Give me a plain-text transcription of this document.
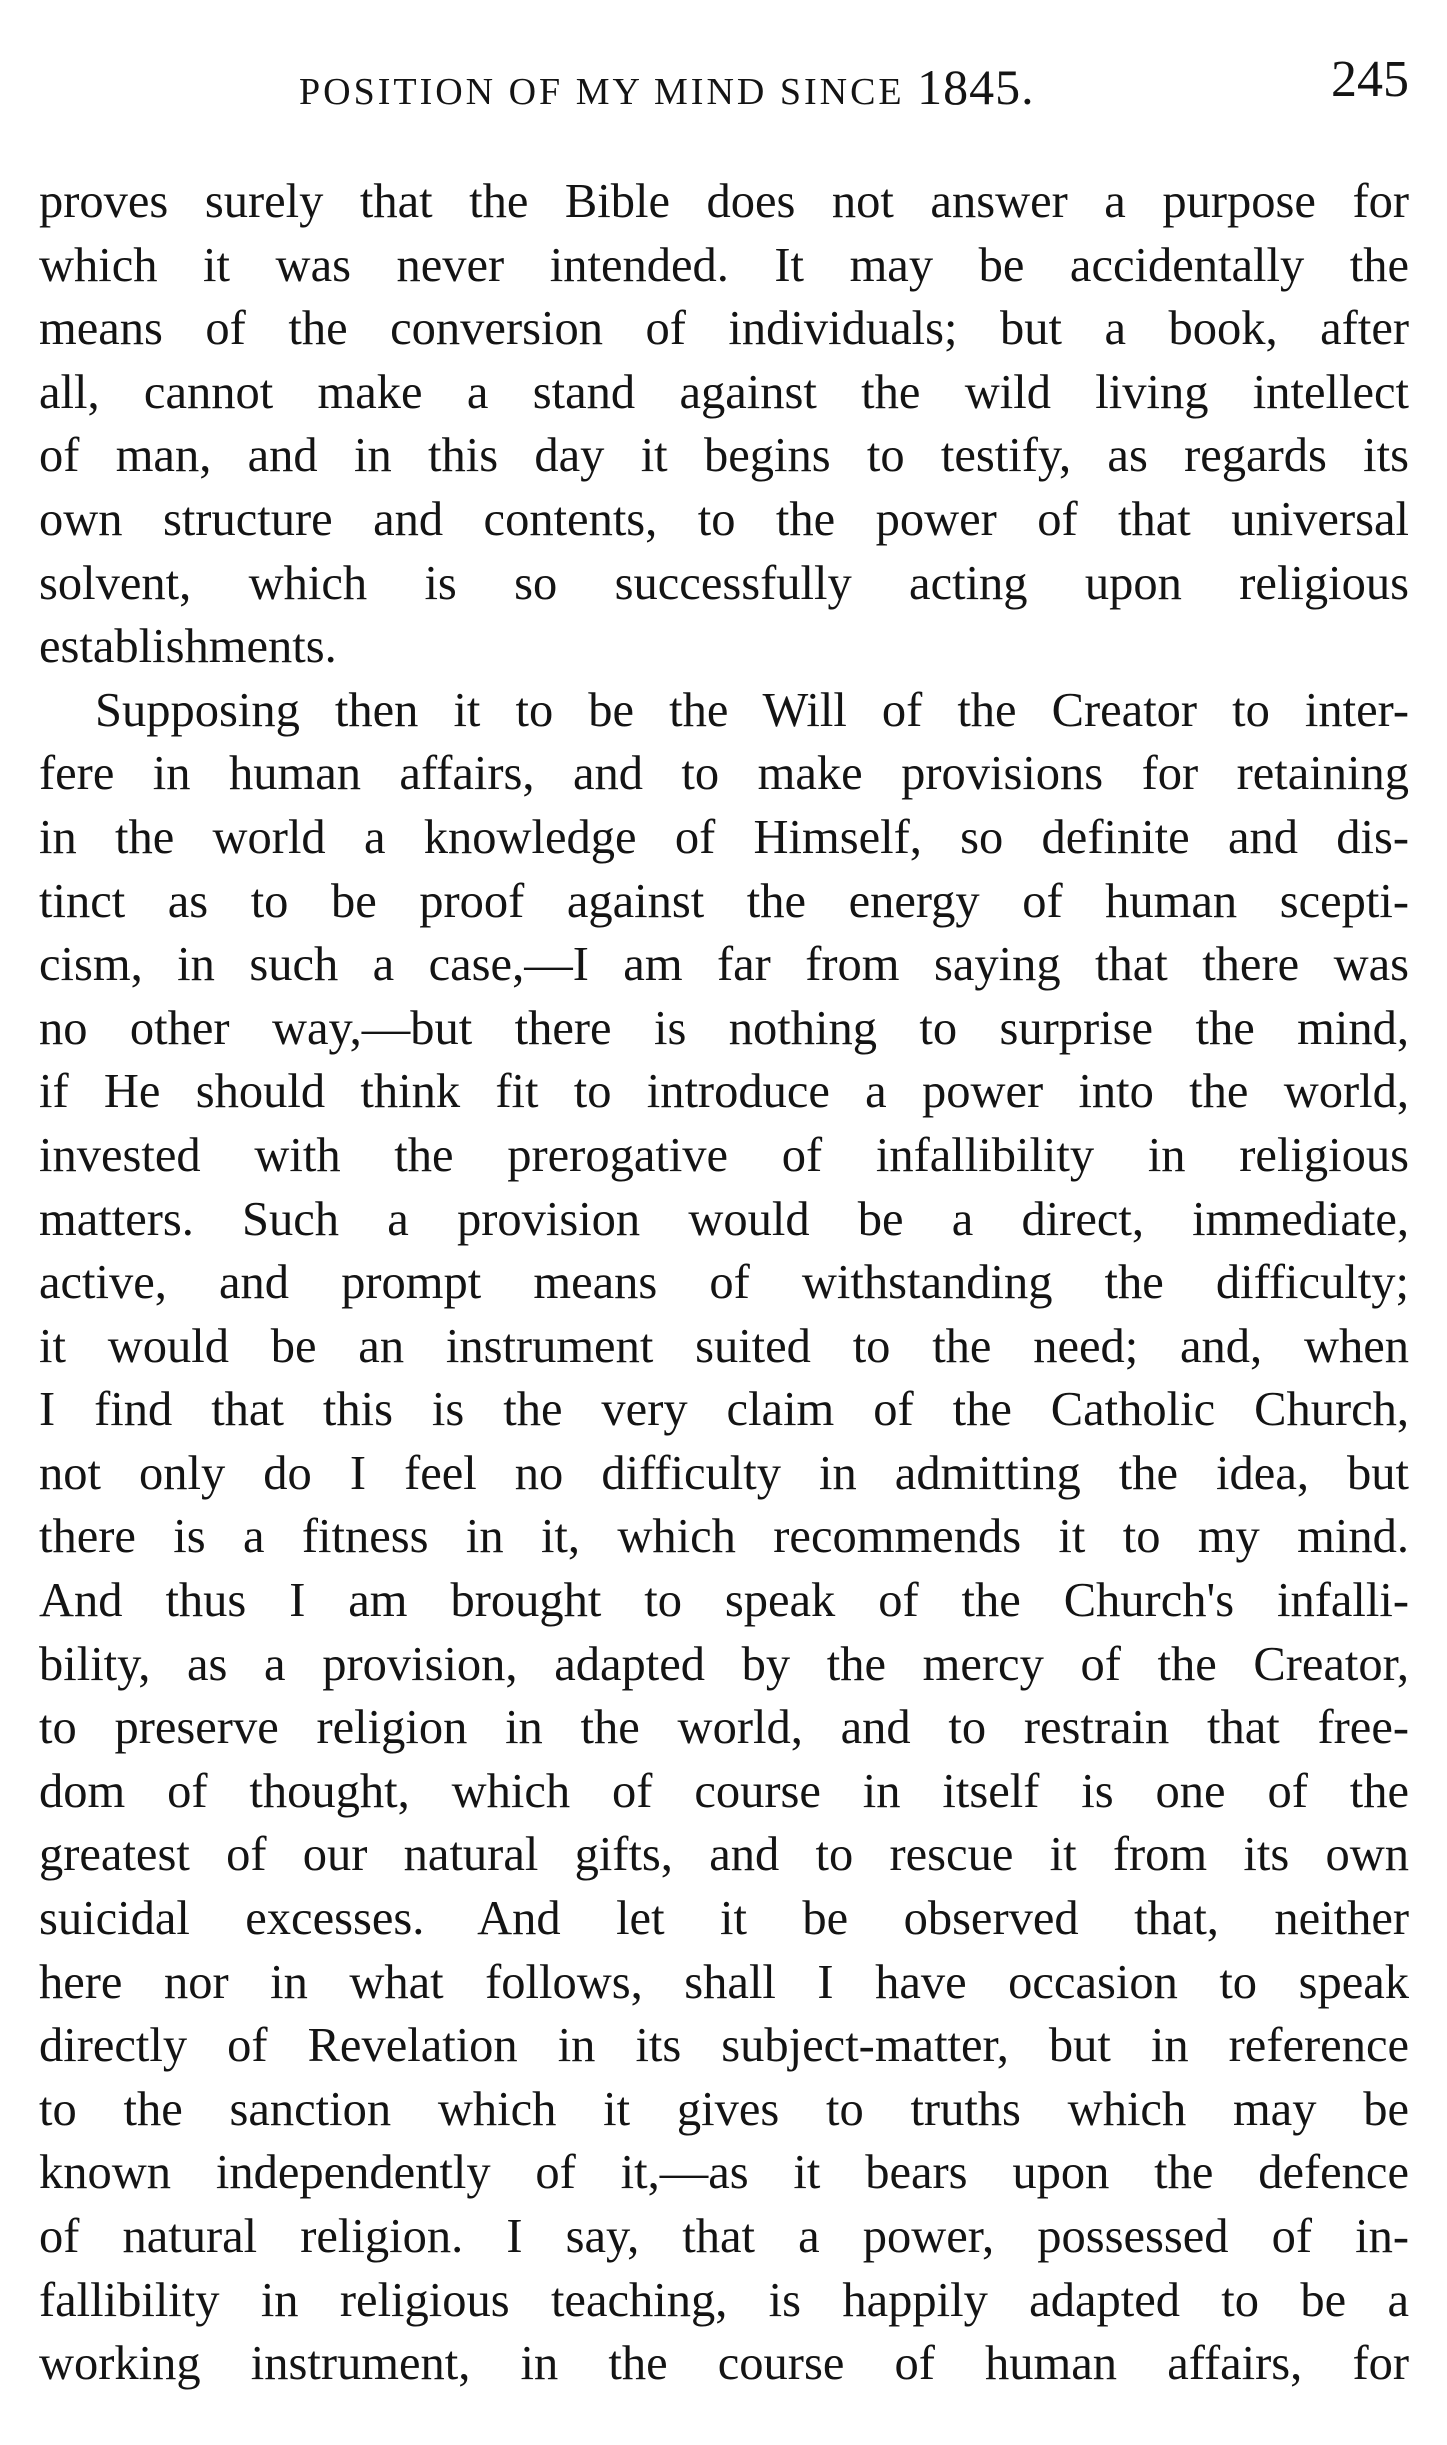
POSITION OF MY MIND SINCE 1845.	245
proves surely that the Bible does not answer a purpose for
which it was never intended. It may be accidentally the
means of the conversion of individuals; but a book, after
all, cannot make a stand against the wild living intellect
of man, and in this day it begins to testify, as regards its
own structure and contents, to the power of that universal
solvent, which is so successfully acting upon religious
establishments.
Supposing then it to be the Will of the Creator to inter-
fere in human affairs, and to make provisions for retaining
in the world a knowledge of Himself, so definite and dis-
tinct as to be proof against the energy of human scepti-
cism, in such a case,—I am far from saying that there was
no other way,—but there is nothing to surprise the mind,
if He should think fit to introduce a power into the world,
invested with the prerogative of infallibility in religious
matters. Such a provision would be a direct, immediate,
active, and prompt means of withstanding the difficulty;
it would be an instrument suited to the need; and, when
I find that this is the very claim of the Catholic Church,
not only do I feel no difficulty in admitting the idea, but
there is a fitness in it, which recommends it to my mind.
And thus I am brought to speak of the Church's infalli-
bility, as a provision, adapted by the mercy of the Creator,
to preserve religion in the world, and to restrain that free-
dom of thought, which of course in itself is one of the
greatest of our natural gifts, and to rescue it from its own
suicidal excesses. And let it be observed that, neither
here nor in what follows, shall I have occasion to speak
directly of Revelation in its subject-matter, but in reference
to the sanction which it gives to truths which may be
known independently of it,—as it bears upon the defence
of natural religion. I say, that a power, possessed of in-
fallibility in religious teaching, is happily adapted to be a
working instrument, in the course of human affairs, for
